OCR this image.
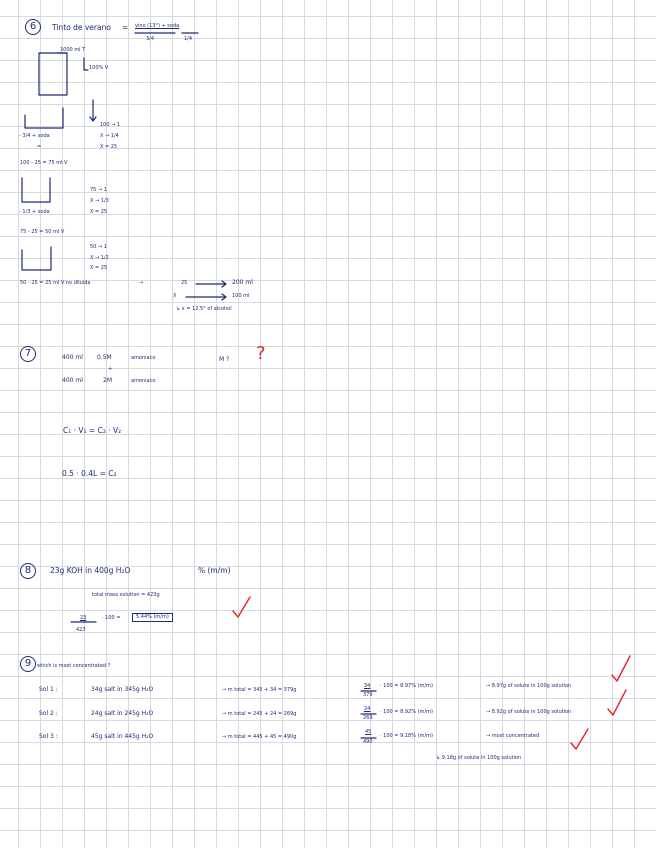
6	Tinto de verano = vino (13°) + soda
3/4	1/4
1000 ml T
100% V
- 3/4 + soda
=
100 → 1
X → 1/4
X = 25
100 - 25 = 75 ml V
- 1/3 + soda
75 → 1
X → 1/3
X = 25
75 - 25 = 50 ml V
50 → 1
X → 1/2
X = 25
50 - 25 = 25 ml V no diluida	→	25	200 ml
X	100 ml
↳ x = 12.5° of alcohol
7	400 ml 0.5M	amoniaco
+
400 ml	2M	amoniaco
M ? ?
C₁ · V₁ = C₂ · V₂
0.5 · 0.4L = C₂
8	23g KOH in 400g H₂O	% (m/m)
total mass solution = 423g
23
423
· 100 =	5.44% (m/m)
9	which is most concentrated ?
Sol 1 :	34g salt in 345g H₂O	→ m total = 345 + 34 = 379g
34
379
· 100 = 8.97% (m/m)	→ 8.97g of solute in 100g solution
Sol 2 :	24g salt in 245g H₂O	→ m total = 245 + 24 = 269g
24
269
· 100 = 8.92% (m/m)	→ 8.92g of solute in 100g solution
Sol 3 :	45g salt in 445g H₂O	→ m total = 445 + 45 = 490g
45
490
· 100 = 9.18% (m/m)	→ most concentrated
↳ 9.18g of solute in 100g solution
